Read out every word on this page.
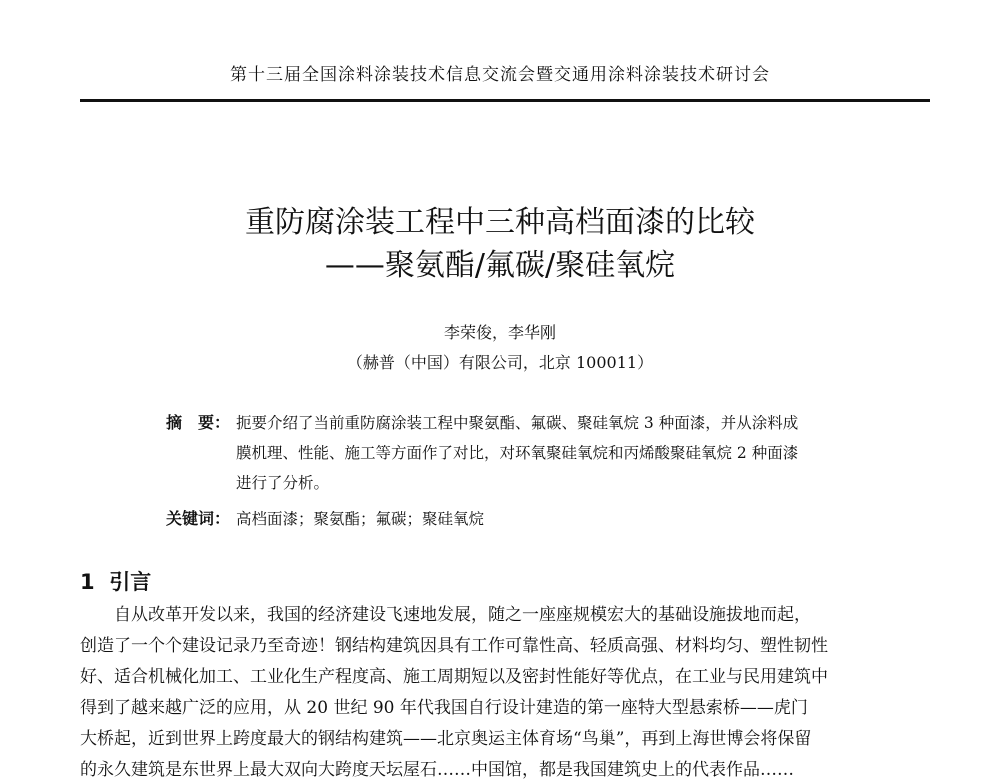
第十三届全国涂料涂装技术信息交流会暨交通用涂料涂装技术研讨会
重防腐涂装工程中三种高档面漆的比较
——聚氨酯/氟碳/聚硅氧烷
李荣俊，李华刚
（赫普（中国）有限公司，北京 100011）
摘　要： 扼要介绍了当前重防腐涂装工程中聚氨酯、氟碳、聚硅氧烷 3 种面漆，并从涂料成
膜机理、性能、施工等方面作了对比，对环氧聚硅氧烷和丙烯酸聚硅氧烷 2 种面漆
进行了分析。
关键词： 高档面漆；聚氨酯；氟碳；聚硅氧烷
1 引言
自从改革开发以来，我国的经济建设飞速地发展，随之一座座规模宏大的基础设施拔地而起，
创造了一个个建设记录乃至奇迹！钢结构建筑因具有工作可靠性高、轻质高强、材料均匀、塑性韧性
好、适合机械化加工、工业化生产程度高、施工周期短以及密封性能好等优点，在工业与民用建筑中
得到了越来越广泛的应用，从 20 世纪 90 年代我国自行设计建造的第一座特大型悬索桥——虎门
大桥起，近到世界上跨度最大的钢结构建筑——北京奥运主体育场“鸟巢”，再到上海世博会将保留
的永久建筑是东世界上最大双向大跨度天坛屋石……中国馆，都是我国建筑史上的代表作品……
